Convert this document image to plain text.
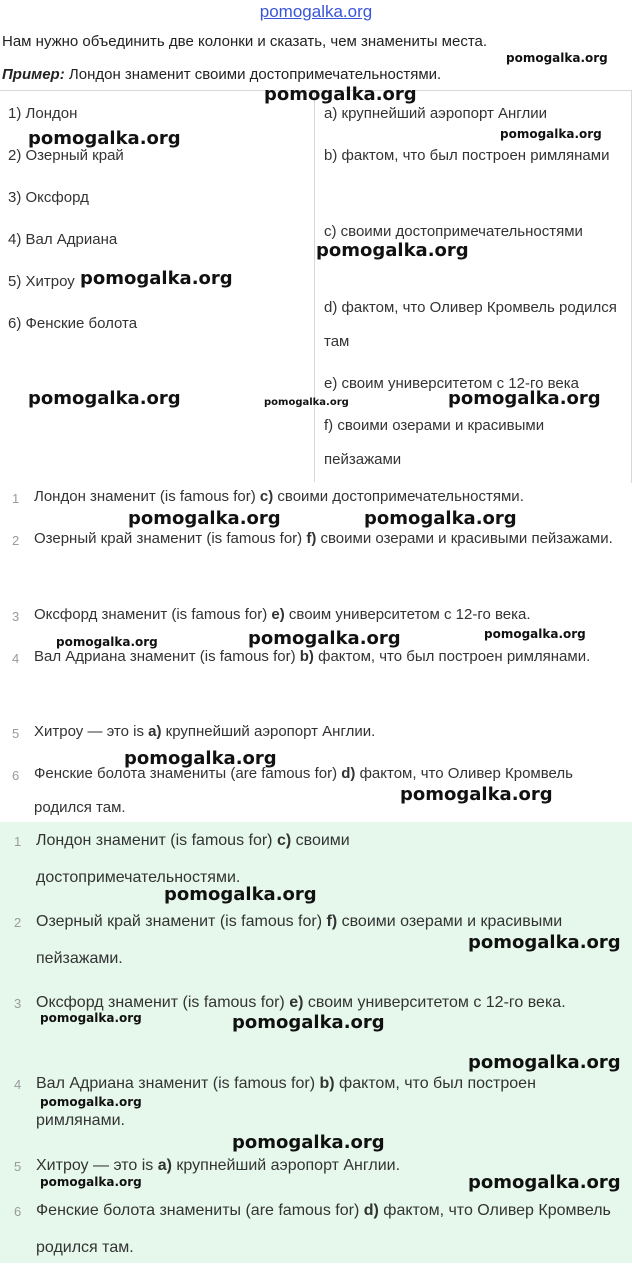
pomogalka.org
Нам нужно объединить две колонки и сказать, чем знамениты места.
Пример: Лондон знаменит своими достопримечательностями.
1) Лондон
2) Озерный край
3) Оксфорд
4) Вал Адриана
5) Хитроу
6) Фенские болота
а) крупнейший аэропорт Англии
b) фактом, что был построен римлянами
с) своими достопримечательностями
d) фактом, что Оливер Кромвель родился там
е) своим университетом с 12-го века
f) своими озерами и красивыми пейзажами
1 Лондон знаменит (is famous for) c) своими достопримечательностями.
2 Озерный край знаменит (is famous for) f) своими озерами и красивыми пейзажами.
3 Оксфорд знаменит (is famous for) e) своим университетом с 12-го века.
4 Вал Адриана знаменит (is famous for) b) фактом, что был построен римлянами.
5 Хитроу — это is a) крупнейший аэропорт Англии.
6 Фенские болота знамениты (are famous for) d) фактом, что Оливер Кромвель родился там.
1 Лондон знаменит (is famous for) c) своими достопримечательностями.
2 Озерный край знаменит (is famous for) f) своими озерами и красивыми пейзажами.
3 Оксфорд знаменит (is famous for) e) своим университетом с 12-го века.
4 Вал Адриана знаменит (is famous for) b) фактом, что был построен римлянами.
5 Хитроу — это is a) крупнейший аэропорт Англии.
6 Фенские болота знамениты (are famous for) d) фактом, что Оливер Кромвель родился там.
pomogalka.org
pomogalka.org
pomogalka.org	pomogalka.org
pomogalka.org
pomogalka.org
pomogalka.org	pomogalka.org	pomogalka.org
pomogalka.org	pomogalka.org
pomogalka.org	pomogalka.org	pomogalka.org
pomogalka.org
pomogalka.org
pomogalka.org
pomogalka.org
pomogalka.org	pomogalka.org
pomogalka.org
pomogalka.org
pomogalka.org
pomogalka.org	pomogalka.org
